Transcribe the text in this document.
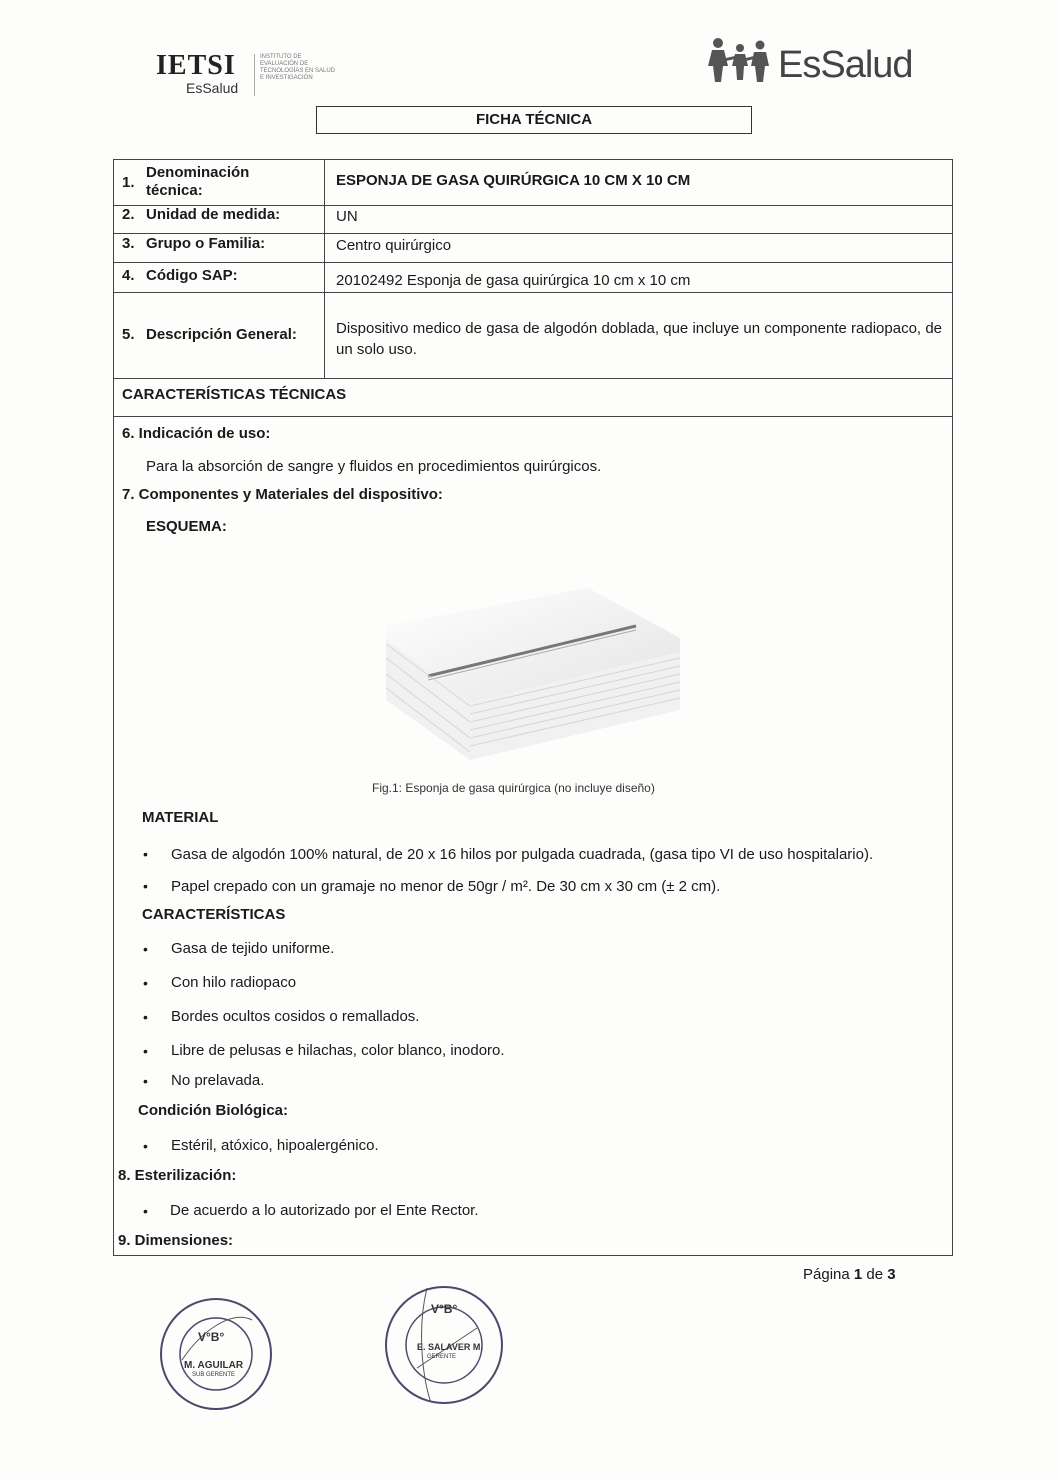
IETSI
EsSalud
INSTITUTO DE EVALUACIÓN DE TECNOLOGÍAS EN SALUD E INVESTIGACIÓN	EsSalud
FICHA TÉCNICA
1.
Denominación técnica:
ESPONJA DE GASA QUIRÚRGICA 10 CM X 10 CM
2. Unidad de medida:	UN
3. Grupo o Familia:	Centro quirúrgico
4. Código SAP:	20102492 Esponja de gasa quirúrgica 10 cm x 10 cm
5. Descripción General:	Dispositivo medico de gasa de algodón doblada, que incluye un componente radiopaco, de un solo uso.
CARACTERÍSTICAS TÉCNICAS
6. Indicación de uso:
Para la absorción de sangre y fluidos en procedimientos quirúrgicos.
7. Componentes y Materiales del dispositivo:
ESQUEMA:
Fig.1: Esponja de gasa quirúrgica (no incluye diseño)
MATERIAL
• Gasa de algodón 100% natural, de 20 x 16 hilos por pulgada cuadrada, (gasa tipo VI de uso hospitalario).
• Papel crepado con un gramaje no menor de 50gr / m². De 30 cm x 30 cm (± 2 cm).
CARACTERÍSTICAS
• Gasa de tejido uniforme.
• Con hilo radiopaco
• Bordes ocultos cosidos o remallados.
• Libre de pelusas e hilachas, color blanco, inodoro.
• No prelavada.
Condición Biológica:
• Estéril, atóxico, hipoalergénico.
8. Esterilización:
• De acuerdo a lo autorizado por el Ente Rector.
9. Dimensiones:
Página 1 de 3
V°B°
M. AGUILAR
SUB GERENTE
V°B°
E. SALAVER M.
GERENTE
